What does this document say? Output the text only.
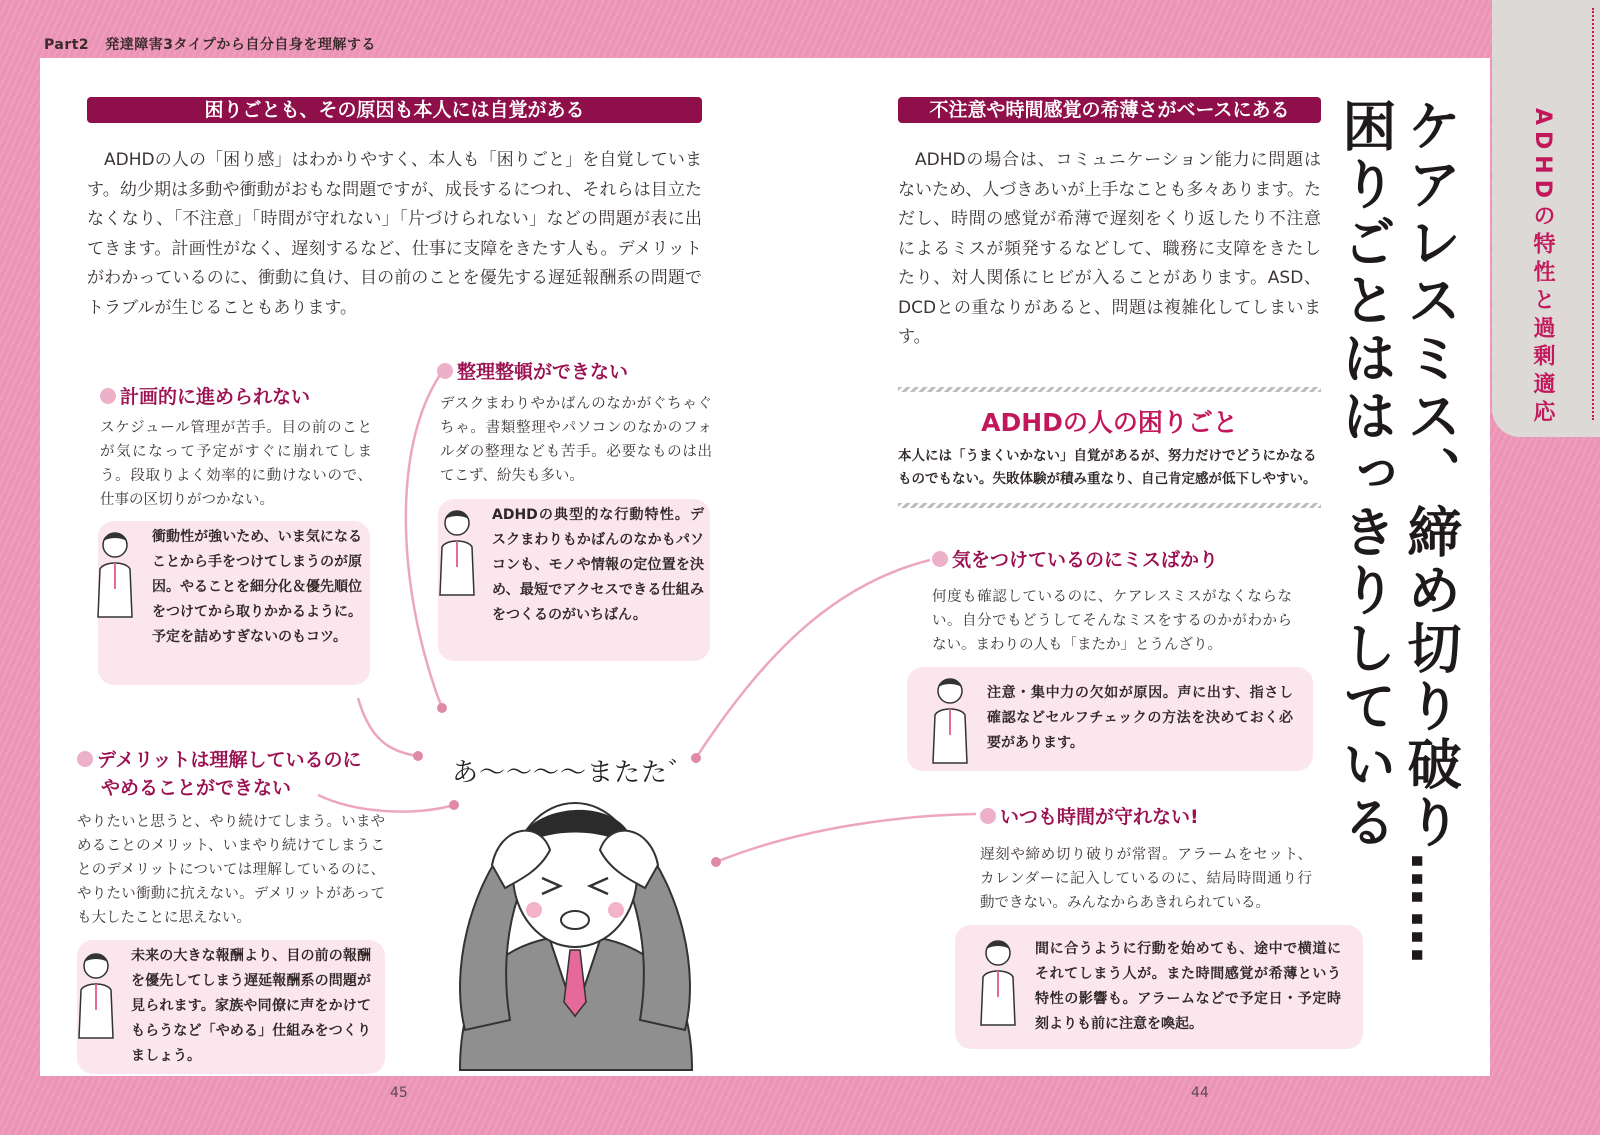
Part2 発達障害3タイプから自分自身を理解する
ADHDの特性と過剰適応
ケアレスミス、締め切り破り……
困りごとははっきりしている
困りごとも、その原因も本人には自覚がある
ADHDの人の「困り感」はわかりやすく、本人も「困りごと」を自覚しています。幼少期は多動や衝動がおもな問題ですが、成長するにつれ、それらは目立たなくなり、「不注意」「時間が守れない」「片づけられない」などの問題が表に出てきます。計画性がなく、遅刻するなど、仕事に支障をきたす人も。デメリットがわかっているのに、衝動に負け、目の前のことを優先する遅延報酬系の問題でトラブルが生じることもあります。
不注意や時間感覚の希薄さがベースにある
ADHDの場合は、コミュニケーション能力に問題はないため、人づきあいが上手なことも多々あります。ただし、時間の感覚が希薄で遅刻をくり返したり不注意によるミスが頻発するなどして、職務に支障をきたしたり、対人関係にヒビが入ることがあります。ASD、DCDとの重なりがあると、問題は複雑化してしまいます。
ADHDの人の困りごと
本人には「うまくいかない」自覚があるが、努力だけでどうにかなる
ものでもない。失敗体験が積み重なり、自己肯定感が低下しやすい。
あ〜〜〜〜またた゛
計画的に進められない
スケジュール管理が苦手。目の前のことが気になって予定がすぐに崩れてしまう。段取りよく効率的に動けないので、仕事の区切りがつかない。
衝動性が強いため、いま気になることから手をつけてしまうのが原因。やることを細分化＆優先順位をつけてから取りかかるように。予定を詰めすぎないのもコツ。
整理整頓ができない
デスクまわりやかばんのなかがぐちゃぐちゃ。書類整理やパソコンのなかのフォルダの整理なども苦手。必要なものは出てこず、紛失も多い。
ADHDの典型的な行動特性。デスクまわりもかばんのなかもパソコンも、モノや情報の定位置を決め、最短でアクセスできる仕組みをつくるのがいちばん。
デメリットは理解しているのに
やめることができない
やりたいと思うと、やり続けてしまう。いまやめることのメリット、いまやり続けてしまうことのデメリットについては理解しているのに、やりたい衝動に抗えない。デメリットがあっても大したことに思えない。
未来の大きな報酬より、目の前の報酬を優先してしまう遅延報酬系の問題が見られます。家族や同僚に声をかけてもらうなど「やめる」仕組みをつくりましょう。
気をつけているのにミスばかり
何度も確認しているのに、ケアレスミスがなくならない。自分でもどうしてそんなミスをするのかがわからない。まわりの人も「またか」とうんざり。
注意・集中力の欠如が原因。声に出す、指さし確認などセルフチェックの方法を決めておく必要があります。
いつも時間が守れない!
遅刻や締め切り破りが常習。アラームをセット、カレンダーに記入しているのに、結局時間通り行動できない。みんなからあきれられている。
間に合うように行動を始めても、途中で横道にそれてしまう人が。また時間感覚が希薄という特性の影響も。アラームなどで予定日・予定時刻よりも前に注意を喚起。
45	44
